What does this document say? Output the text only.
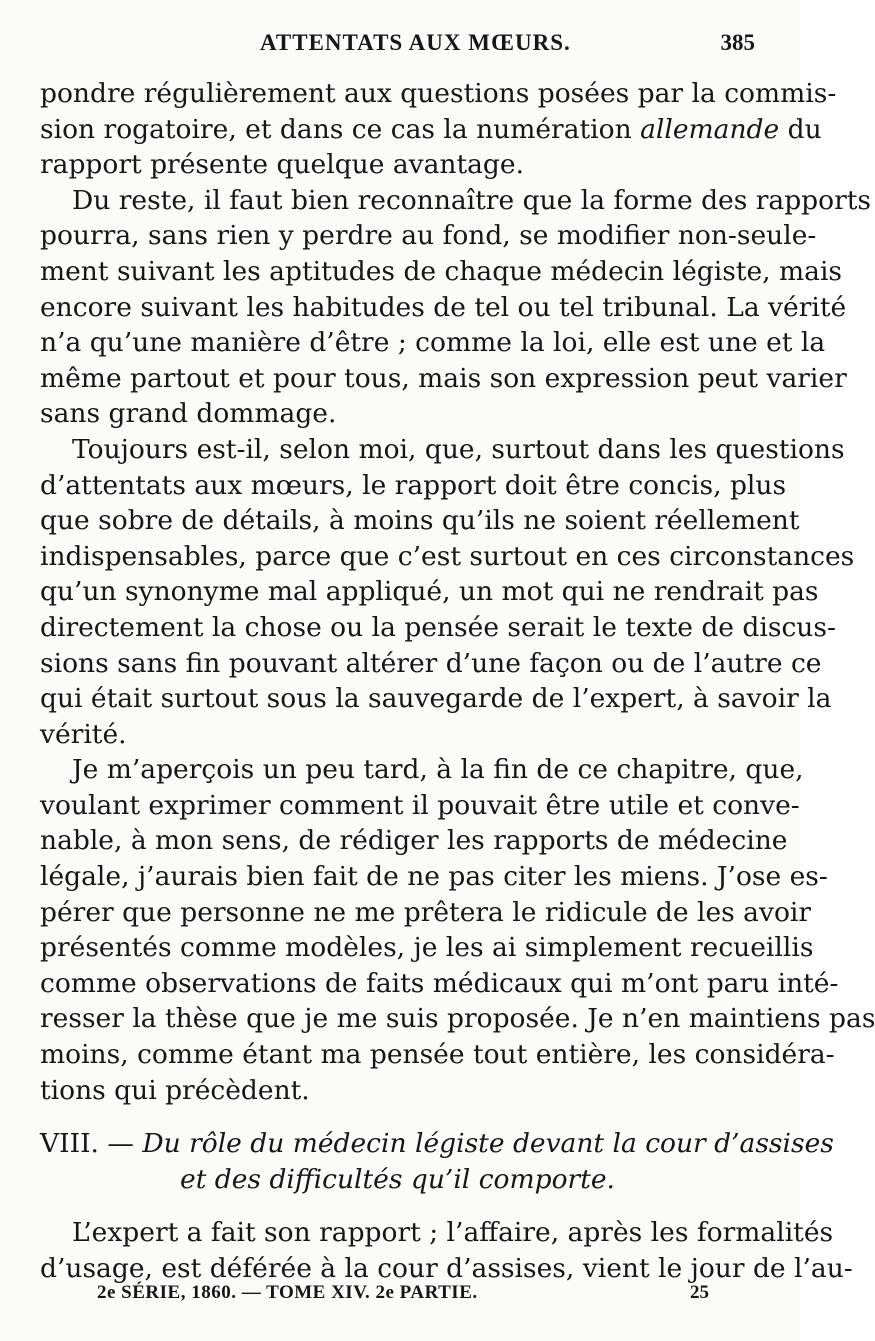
ATTENTATS AUX MŒURS.	385
pondre régulièrement aux questions posées par la commis-
sion rogatoire, et dans ce cas la numération allemande du
rapport présente quelque avantage.
Du reste, il faut bien reconnaître que la forme des rapports
pourra, sans rien y perdre au fond, se modifier non-seule-
ment suivant les aptitudes de chaque médecin légiste, mais
encore suivant les habitudes de tel ou tel tribunal. La vérité
n’a qu’une manière d’être ; comme la loi, elle est une et la
même partout et pour tous, mais son expression peut varier
sans grand dommage.
Toujours est-il, selon moi, que, surtout dans les questions
d’attentats aux mœurs, le rapport doit être concis, plus
que sobre de détails, à moins qu’ils ne soient réellement
indispensables, parce que c’est surtout en ces circonstances
qu’un synonyme mal appliqué, un mot qui ne rendrait pas
directement la chose ou la pensée serait le texte de discus-
sions sans fin pouvant altérer d’une façon ou de l’autre ce
qui était surtout sous la sauvegarde de l’expert, à savoir la
vérité.
Je m’aperçois un peu tard, à la fin de ce chapitre, que,
voulant exprimer comment il pouvait être utile et conve-
nable, à mon sens, de rédiger les rapports de médecine
légale, j’aurais bien fait de ne pas citer les miens. J’ose es-
pérer que personne ne me prêtera le ridicule de les avoir
présentés comme modèles, je les ai simplement recueillis
comme observations de faits médicaux qui m’ont paru inté-
resser la thèse que je me suis proposée. Je n’en maintiens pas
moins, comme étant ma pensée tout entière, les considéra-
tions qui précèdent.
VIII. — Du rôle du médecin légiste devant la cour d’assises
et des difficultés qu’il comporte.
L’expert a fait son rapport ; l’affaire, après les formalités
d’usage, est déférée à la cour d’assises, vient le jour de l’au-
2e SÉRIE, 1860. — TOME XIV. 2e PARTIE.	25
